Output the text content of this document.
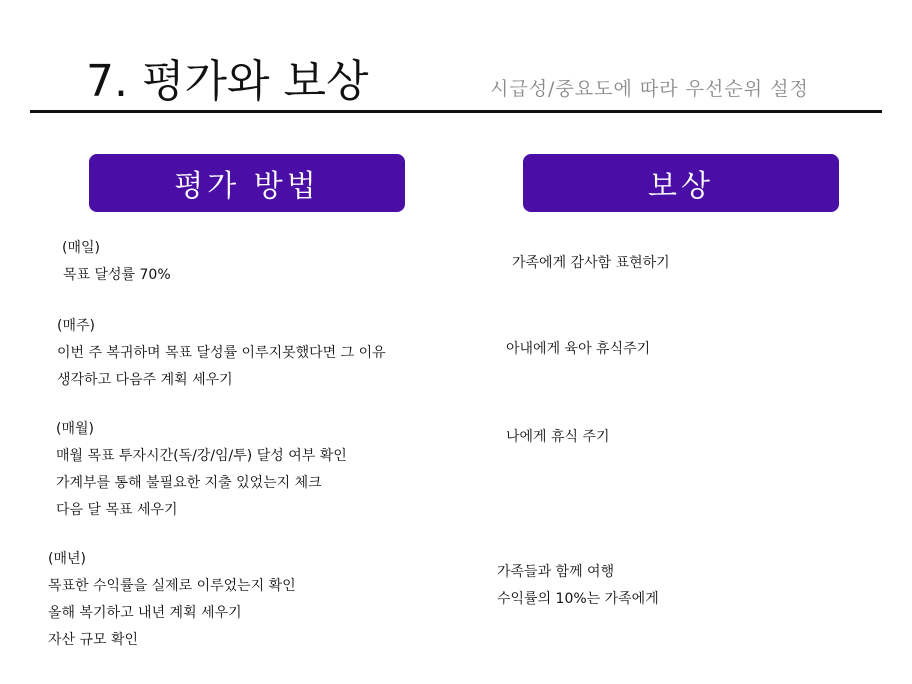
7. 평가와 보상	시급성/중요도에 따라 우선순위 설정
평가 방법	보상
(매일)
목표 달성률 70%
(매주)
이번 주 복귀하며 목표 달성률 이루지못했다면 그 이유
생각하고 다음주 계획 세우기
(매월)
매월 목표 투자시간(독/강/임/투) 달성 여부 확인
가계부를 통해 불필요한 지출 있었는지 체크
다음 달 목표 세우기
(매년)
목표한 수익률을 실제로 이루었는지 확인
올해 복기하고 내년 계획 세우기
자산 규모 확인
가족에게 감사함 표현하기
아내에게 육아 휴식주기
나에게 휴식 주기
가족들과 함께 여행
수익률의 10%는 가족에게
